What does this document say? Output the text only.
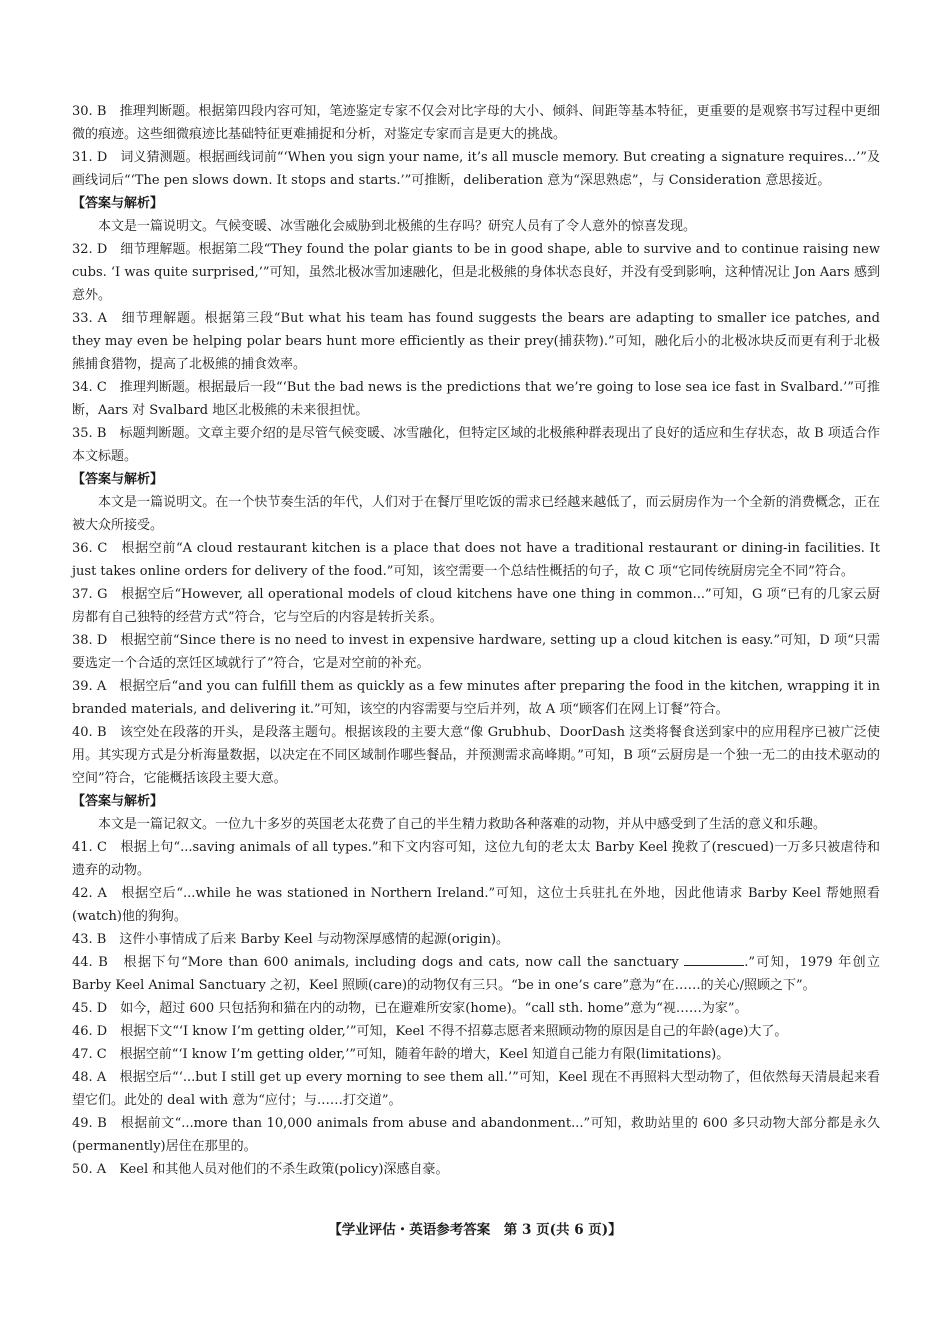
30. B　推理判断题。根据第四段内容可知，笔迹鉴定专家不仅会对比字母的大小、倾斜、间距等基本特征，更重要的是观察书写过程中更细微的痕迹。这些细微痕迹比基础特征更难捕捉和分析，对鉴定专家而言是更大的挑战。

31. D　词义猜测题。根据画线词前“‘When you sign your name, it’s all muscle memory. But creating a signature requires...’”及画线词后“‘The pen slows down. It stops and starts.’”可推断，deliberation 意为“深思熟虑”，与 Consideration 意思接近。

【答案与解析】

本文是一篇说明文。气候变暖、冰雪融化会威胁到北极熊的生存吗？研究人员有了令人意外的惊喜发现。

32. D　细节理解题。根据第二段“They found the polar giants to be in good shape, able to survive and to continue raising new cubs. ‘I was quite surprised,’”可知，虽然北极冰雪加速融化，但是北极熊的身体状态良好，并没有受到影响，这种情况让 Jon Aars 感到意外。

33. A　细节理解题。根据第三段“But what his team has found suggests the bears are adapting to smaller ice patches, and they may even be helping polar bears hunt more efficiently as their prey(捕获物).”可知，融化后小的北极冰块反而更有利于北极熊捕食猎物，提高了北极熊的捕食效率。

34. C　推理判断题。根据最后一段“‘But the bad news is the predictions that we’re going to lose sea ice fast in Svalbard.’”可推断，Aars 对 Svalbard 地区北极熊的未来很担忧。

35. B　标题判断题。文章主要介绍的是尽管气候变暖、冰雪融化，但特定区域的北极熊种群表现出了良好的适应和生存状态，故 B 项适合作本文标题。

【答案与解析】

本文是一篇说明文。在一个快节奏生活的年代，人们对于在餐厅里吃饭的需求已经越来越低了，而云厨房作为一个全新的消费概念，正在被大众所接受。

36. C　根据空前“A cloud restaurant kitchen is a place that does not have a traditional restaurant or dining-in facilities. It just takes online orders for delivery of the food.”可知，该空需要一个总结性概括的句子，故 C 项“它同传统厨房完全不同”符合。

37. G　根据空后“However, all operational models of cloud kitchens have one thing in common...”可知，G 项“已有的几家云厨房都有自己独特的经营方式”符合，它与空后的内容是转折关系。

38. D　根据空前“Since there is no need to invest in expensive hardware, setting up a cloud kitchen is easy.”可知，D 项“只需要选定一个合适的烹饪区域就行了”符合，它是对空前的补充。

39. A　根据空后“and you can fulfill them as quickly as a few minutes after preparing the food in the kitchen, wrapping it in branded materials, and delivering it.”可知，该空的内容需要与空后并列，故 A 项“顾客们在网上订餐”符合。

40. B　该空处在段落的开头，是段落主题句。根据该段的主要大意“像 Grubhub、DoorDash 这类将餐食送到家中的应用程序已被广泛使用。其实现方式是分析海量数据，以决定在不同区域制作哪些餐品，并预测需求高峰期。”可知，B 项“云厨房是一个独一无二的由技术驱动的空间”符合，它能概括该段主要大意。

【答案与解析】

本文是一篇记叙文。一位九十多岁的英国老太花费了自己的半生精力救助各种落难的动物，并从中感受到了生活的意义和乐趣。

41. C　根据上句“...saving animals of all types.”和下文内容可知，这位九旬的老太太 Barby Keel 挽救了(rescued)一万多只被虐待和遗弃的动物。

42. A　根据空后“...while he was stationed in Northern Ireland.”可知，这位士兵驻扎在外地，因此他请求 Barby Keel 帮她照看(watch)他的狗狗。

43. B　这件小事情成了后来 Barby Keel 与动物深厚感情的起源(origin)。

44. B　根据下句“More than 600 animals, including dogs and cats, now call the sanctuary	.”可知，1979 年创立 Barby Keel Animal Sanctuary 之初，Keel 照顾(care)的动物仅有三只。“be in one’s care”意为“在……的关心/照顾之下”。

45. D　如今，超过 600 只包括狗和猫在内的动物，已在避难所安家(home)。“call sth. home”意为“视……为家”。

46. D　根据下文“‘I know I’m getting older,’”可知，Keel 不得不招募志愿者来照顾动物的原因是自己的年龄(age)大了。

47. C　根据空前“‘I know I’m getting older,’”可知，随着年龄的增大，Keel 知道自己能力有限(limitations)。

48. A　根据空后“‘...but I still get up every morning to see them all.’”可知，Keel 现在不再照料大型动物了，但依然每天清晨起来看望它们。此处的 deal with 意为“应付；与……打交道”。

49. B　根据前文“...more than 10,000 animals from abuse and abandonment...”可知，救助站里的 600 多只动物大部分都是永久(permanently)居住在那里的。

50. A　Keel 和其他人员对他们的不杀生政策(policy)深感自豪。

【学业评估・英语参考答案　第 3 页(共 6 页)】
